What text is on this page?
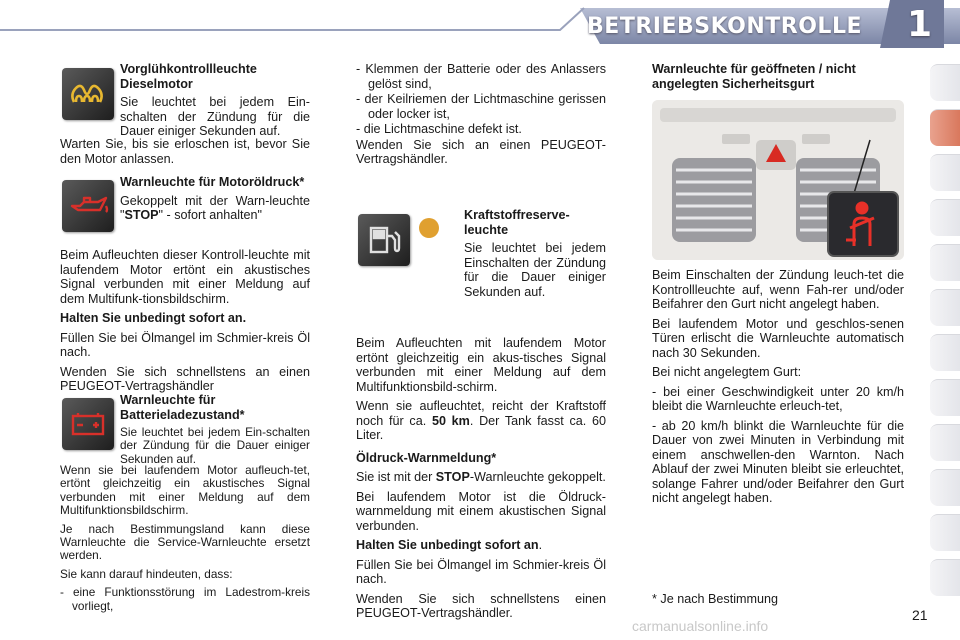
BETRIEBSKONTROLLE 1

Vorglühkontrollleuchte Dieselmotor

Sie leuchtet bei jedem Ein-schalten der Zündung für die Dauer einiger Sekunden auf.

Warten Sie, bis sie erloschen ist, bevor Sie den Motor anlassen.

Warnleuchte für Motoröldruck*

Gekoppelt mit der Warn-leuchte "STOP" - sofort anhalten"

Beim Aufleuchten dieser Kontroll-leuchte mit laufendem Motor ertönt ein akustisches Signal verbunden mit einer Meldung auf dem Multifunk-tionsbildschirm.

Halten Sie unbedingt sofort an.

Füllen Sie bei Ölmangel im Schmier-kreis Öl nach.

Wenden Sie sich schnellstens an einen PEUGEOT-Vertragshändler

Warnleuchte für Batterieladezustand*

Sie leuchtet bei jedem Ein-schalten der Zündung für die Dauer einiger Sekunden auf.

Wenn sie bei laufendem Motor aufleuch-tet, ertönt gleichzeitig ein akustisches Signal verbunden mit einer Meldung auf dem Multifunktionsbildschirm.

Je nach Bestimmungsland kann diese Warnleuchte die Service-Warnleuchte ersetzt werden.

Sie kann darauf hindeuten, dass:

- eine Funktionsstörung im Ladestrom-kreis vorliegt,

- Klemmen der Batterie oder des Anlassers gelöst sind,

- der Keilriemen der Lichtmaschine gerissen oder locker ist,

- die Lichtmaschine defekt ist.

Wenden Sie sich an einen PEUGEOT-Vertragshändler.

Kraftstoffreserve-leuchte

Sie leuchtet bei jedem Einschalten der Zündung für die Dauer einiger Sekunden auf.

Beim Aufleuchten mit laufendem Motor ertönt gleichzeitig ein akus-tisches Signal verbunden mit einer Meldung auf dem Multifunktionsbild-schirm.

Wenn sie aufleuchtet, reicht der Kraftstoff noch für ca. 50 km. Der Tank fasst ca. 60 Liter.

Öldruck-Warnmeldung*

Sie ist mit der STOP-Warnleuchte gekoppelt.

Bei laufendem Motor ist die Öldruck-warnmeldung mit einem akustischen Signal verbunden.

Halten Sie unbedingt sofort an.

Füllen Sie bei Ölmangel im Schmier-kreis Öl nach.

Wenden Sie sich schnellstens einen PEUGEOT-Vertragshändler.

Warnleuchte für geöffneten / nicht angelegten Sicherheitsgurt

Beim Einschalten der Zündung leuch-tet die Kontrollleuchte auf, wenn Fah-rer und/oder Beifahrer den Gurt nicht angelegt haben.

Bei laufendem Motor und geschlos-senen Türen erlischt die Warnleuchte automatisch nach 30 Sekunden.

Bei nicht angelegtem Gurt:

- bei einer Geschwindigkeit unter 20 km/h bleibt die Warnleuchte erleuch-tet,

- ab 20 km/h blinkt die Warnleuchte für die Dauer von zwei Minuten in Verbindung mit einem anschwellen-den Warnton. Nach Ablauf der zwei Minuten bleibt sie erleuchtet, solange Fahrer und/oder Beifahrer den Gurt nicht angelegt haben.

* Je nach Bestimmung
21
carmanualsonline.info
